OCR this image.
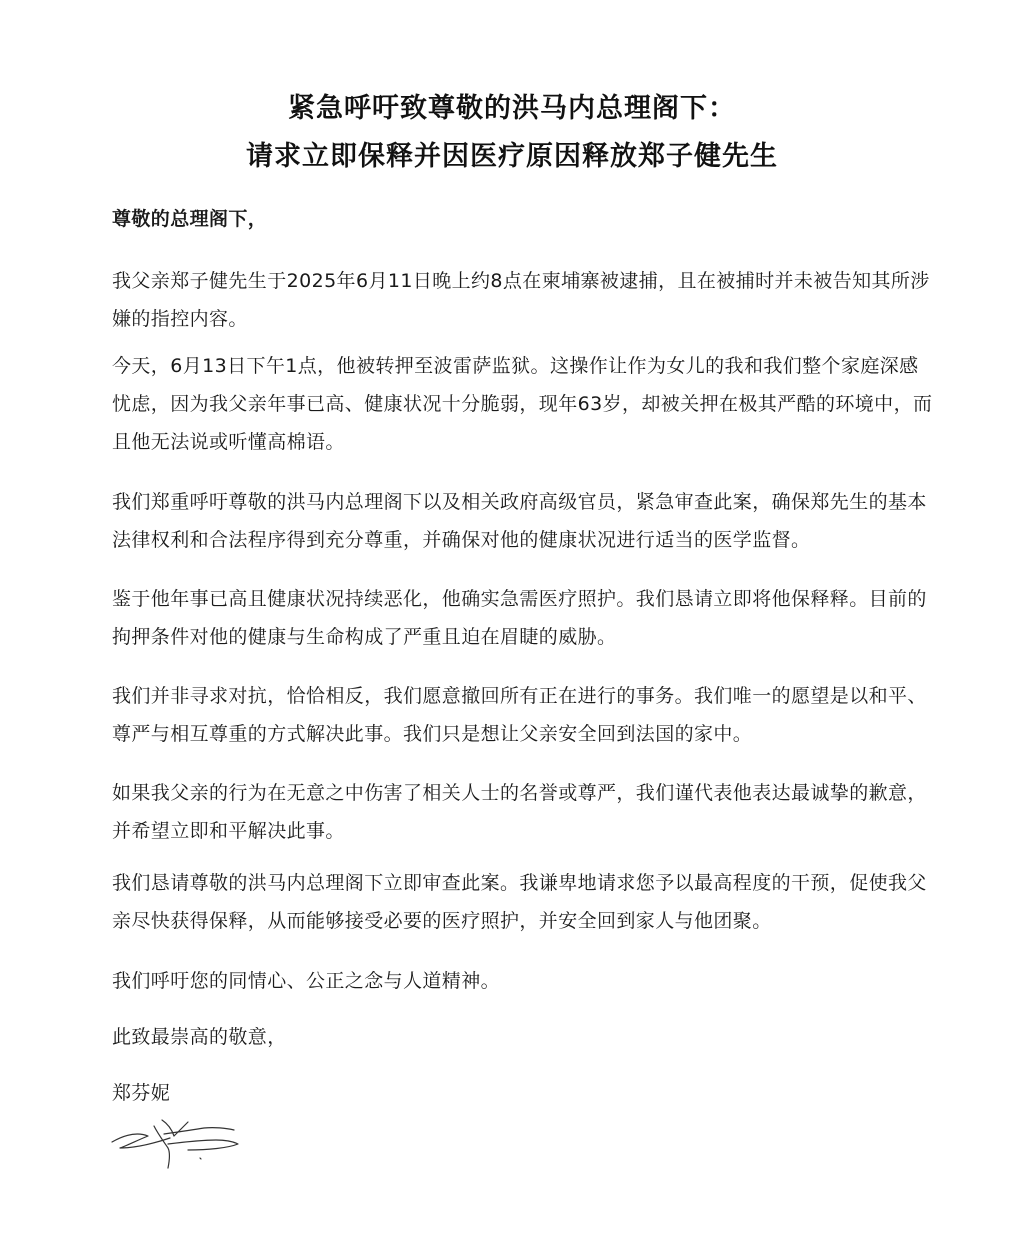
紧急呼吁致尊敬的洪马内总理阁下：
请求立即保释并因医疗原因释放郑子健先生
尊敬的总理阁下，
我父亲郑子健先生于2025年6月11日晚上约8点在柬埔寨被逮捕，且在被捕时并未被告知其所涉嫌的指控内容。
今天，6月13日下午1点，他被转押至波雷萨监狱。这操作让作为女儿的我和我们整个家庭深感忧虑，因为我父亲年事已高、健康状况十分脆弱，现年63岁，却被关押在极其严酷的环境中，而且他无法说或听懂高棉语。
我们郑重呼吁尊敬的洪马内总理阁下以及相关政府高级官员，紧急审查此案，确保郑先生的基本法律权利和合法程序得到充分尊重，并确保对他的健康状况进行适当的医学监督。
鉴于他年事已高且健康状况持续恶化，他确实急需医疗照护。我们恳请立即将他保释释。目前的拘押条件对他的健康与生命构成了严重且迫在眉睫的威胁。
我们并非寻求对抗，恰恰相反，我们愿意撤回所有正在进行的事务。我们唯一的愿望是以和平、尊严与相互尊重的方式解决此事。我们只是想让父亲安全回到法国的家中。
如果我父亲的行为在无意之中伤害了相关人士的名誉或尊严，我们谨代表他表达最诚挚的歉意，并希望立即和平解决此事。
我们恳请尊敬的洪马内总理阁下立即审查此案。我谦卑地请求您予以最高程度的干预，促使我父亲尽快获得保释，从而能够接受必要的医疗照护，并安全回到家人与他团聚。
我们呼吁您的同情心、公正之念与人道精神。
此致最崇高的敬意，
郑芬妮
